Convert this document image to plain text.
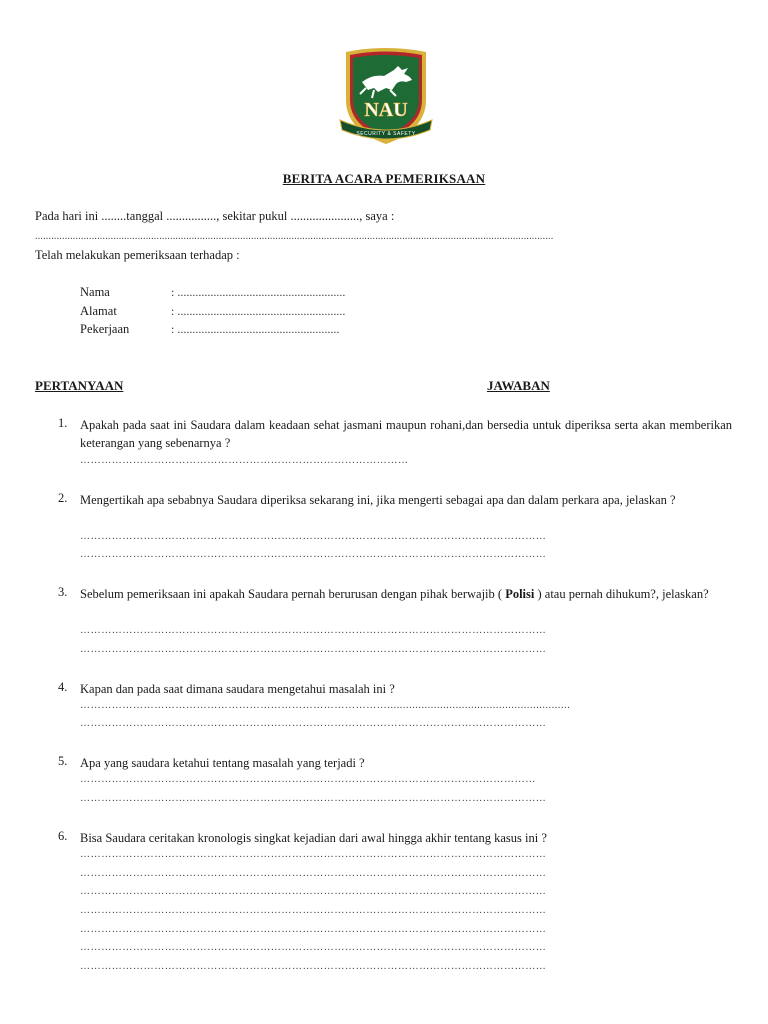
NAU
SECURITY & SAFETY
BERITA ACARA PEMERIKSAAN
Pada hari ini ........tanggal ................, sekitar pukul ......................, saya :
................................................................................................................................................................................................
Telah melakukan pemeriksaan terhadap :
Nama	: ........................................................
Alamat	: ........................................................
Pekerjaan	: ......................................................
PERTANYAAN	JAWABAN
1. Apakah pada saat ini Saudara dalam keadaan sehat jasmani maupun rohani,dan bersedia untuk diperiksa serta akan memberikan keterangan yang sebenarnya ?
…………………………………………………………………………………
2. Mengertikah apa sebabnya Saudara diperiksa sekarang ini, jika mengerti sebagai apa dan dalam perkara apa, jelaskan ?
……………………………………………………………………………………………………………………
……………………………………………………………………………………………………………………
3. Sebelum pemeriksaan ini apakah Saudara pernah berurusan dengan pihak berwajib ( Polisi ) atau pernah dihukum?, jelaskan?
……………………………………………………………………………………………………………………
……………………………………………………………………………………………………………………
4. Kapan dan pada saat dimana saudara mengetahui masalah ini ?
……………………………………………………………………………...........................................................
……………………………………………………………………………………………………………………
5. Apa yang saudara ketahui tentang masalah yang terjadi ?
…………………………………………………………………………………………………………………
……………………………………………………………………………………………………………………
6. Bisa Saudara ceritakan kronologis singkat kejadian dari awal hingga akhir tentang kasus ini ?
……………………………………………………………………………………………………………………
……………………………………………………………………………………………………………………
……………………………………………………………………………………………………………………
……………………………………………………………………………………………………………………
……………………………………………………………………………………………………………………
……………………………………………………………………………………………………………………
……………………………………………………………………………………………………………………
